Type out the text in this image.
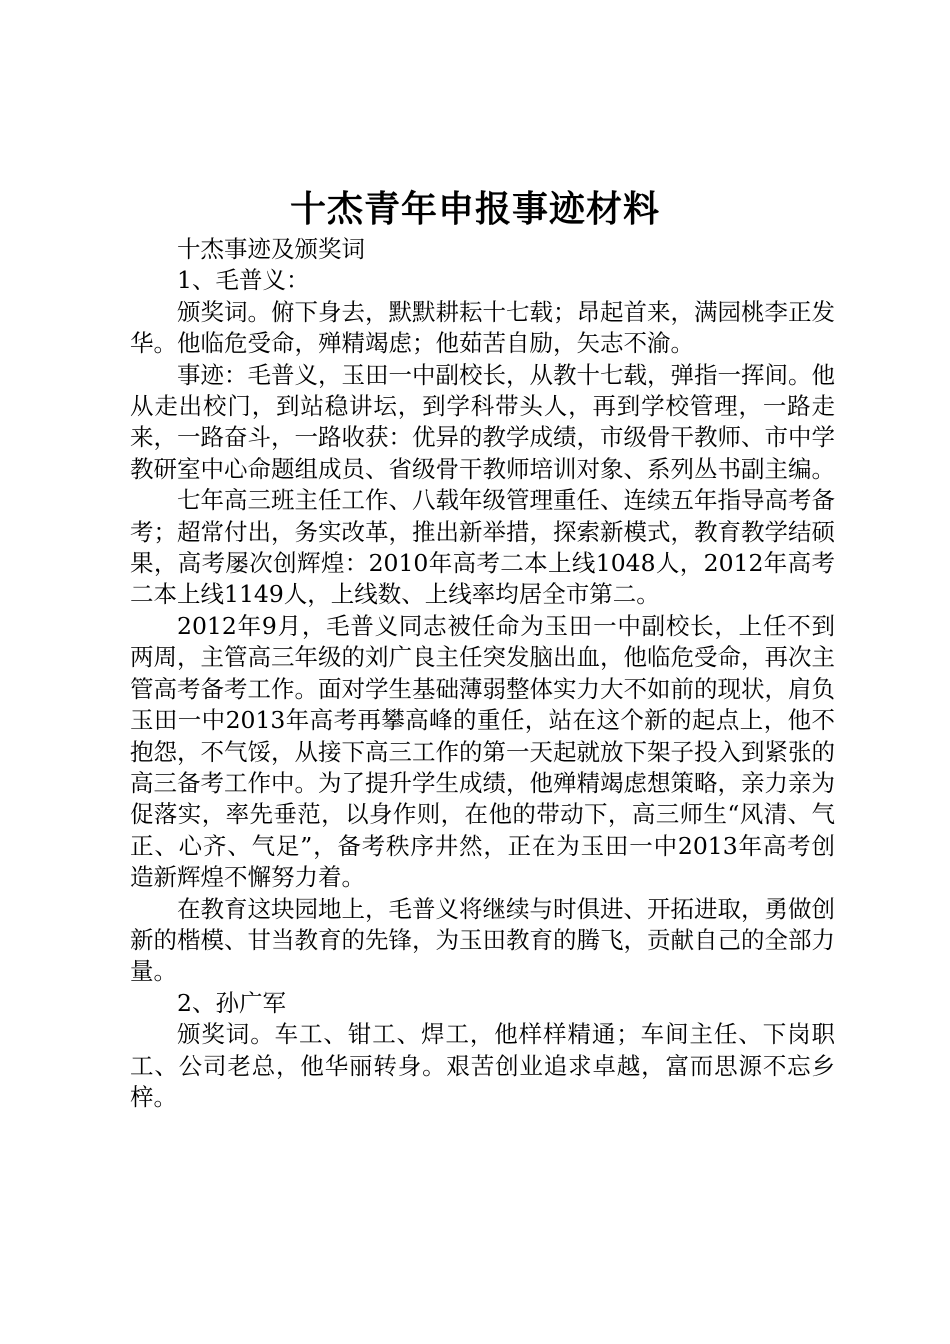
十杰青年申报事迹材料

十杰事迹及颁奖词

1、毛普义：

颁奖词。俯下身去，默默耕耘十七载；昂起首来，满园桃李正发华。他临危受命，殚精竭虑；他茹苦自励，矢志不渝。

事迹：毛普义，玉田一中副校长，从教十七载，弹指一挥间。他从走出校门，到站稳讲坛，到学科带头人，再到学校管理，一路走来，一路奋斗，一路收获：优异的教学成绩，市级骨干教师、市中学教研室中心命题组成员、省级骨干教师培训对象、系列丛书副主编。

七年高三班主任工作、八载年级管理重任、连续五年指导高考备考；超常付出，务实改革，推出新举措，探索新模式，教育教学结硕果，高考屡次创辉煌：2010年高考二本上线1048人，2012年高考二本上线1149人，上线数、上线率均居全市第二。

2012年9月，毛普义同志被任命为玉田一中副校长，上任不到两周，主管高三年级的刘广良主任突发脑出血，他临危受命，再次主管高考备考工作。面对学生基础薄弱整体实力大不如前的现状，肩负玉田一中2013年高考再攀高峰的重任，站在这个新的起点上，他不抱怨，不气馁，从接下高三工作的第一天起就放下架子投入到紧张的高三备考工作中。为了提升学生成绩，他殚精竭虑想策略，亲力亲为促落实，率先垂范，以身作则，在他的带动下，高三师生“风清、气正、心齐、气足”，备考秩序井然，正在为玉田一中2013年高考创造新辉煌不懈努力着。

在教育这块园地上，毛普义将继续与时俱进、开拓进取，勇做创新的楷模、甘当教育的先锋，为玉田教育的腾飞，贡献自己的全部力量。

2、孙广军

颁奖词。车工、钳工、焊工，他样样精通；车间主任、下岗职工、公司老总，他华丽转身。艰苦创业追求卓越，富而思源不忘乡梓。
